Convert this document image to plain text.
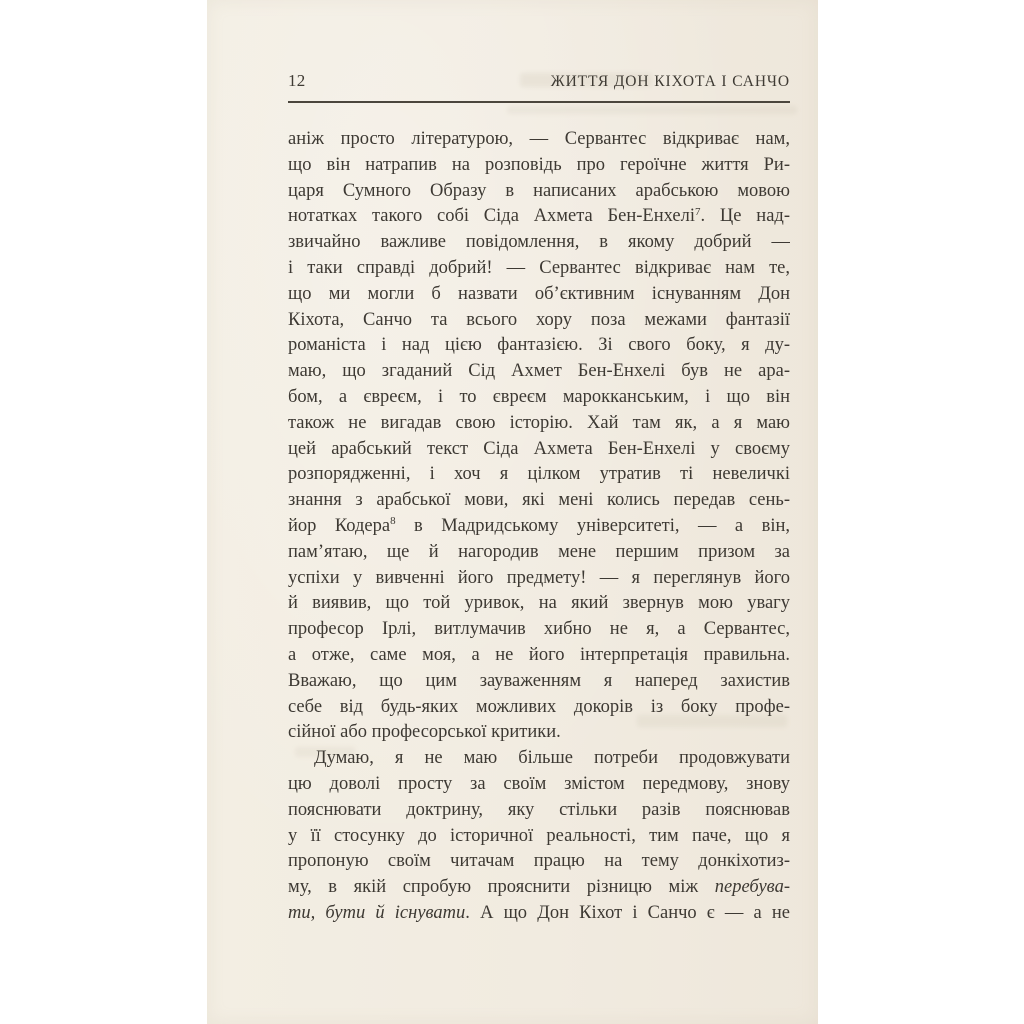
12	ЖИТТЯ ДОН КІХОТА І САНЧО
аніж просто літературою, — Сервантес відкриває нам,
що він натрапив на розповідь про героїчне життя Ри-
царя Сумного Образу в написаних арабською мовою
нотатках такого собі Сіда Ахмета Бен-Енхелі$^7$. Це над-
звичайно важливе повідомлення, в якому добрий —
і таки справді добрий! — Сервантес відкриває нам те,
що ми могли б назвати об’єктивним існуванням Дон
Кіхота, Санчо та всього хору поза межами фантазії
романіста і над цією фантазією. Зі свого боку, я ду-
маю, що згаданий Сід Ахмет Бен-Енхелі був не ара-
бом, а євреєм, і то євреєм марокканським, і що він
також не вигадав свою історію. Хай там як, а я маю
цей арабський текст Сіда Ахмета Бен-Енхелі у своєму
розпорядженні, і хоч я цілком утратив ті невеличкі
знання з арабської мови, які мені колись передав сень-
йор Кодера$^8$ в Мадридському університеті, — а він,
пам’ятаю, ще й нагородив мене першим призом за
успіхи у вивченні його предмету! — я переглянув його
й виявив, що той уривок, на який звернув мою увагу
професор Ірлі, витлумачив хибно не я, а Сервантес,
а отже, саме моя, а не його інтерпретація правильна.
Вважаю, що цим зауваженням я наперед захистив
себе від будь-яких можливих докорів із боку профе-
сійної або професорської критики.
Думаю, я не маю більше потреби продовжувати
цю доволі просту за своїм змістом передмову, знову
пояснювати доктрину, яку стільки разів пояснював
у її стосунку до історичної реальності, тим паче, що я
пропоную своїм читачам працю на тему донкіхотиз-
му, в якій спробую прояснити різницю між перебува-
ти, бути й існувати. А що Дон Кіхот і Санчо є — а не
